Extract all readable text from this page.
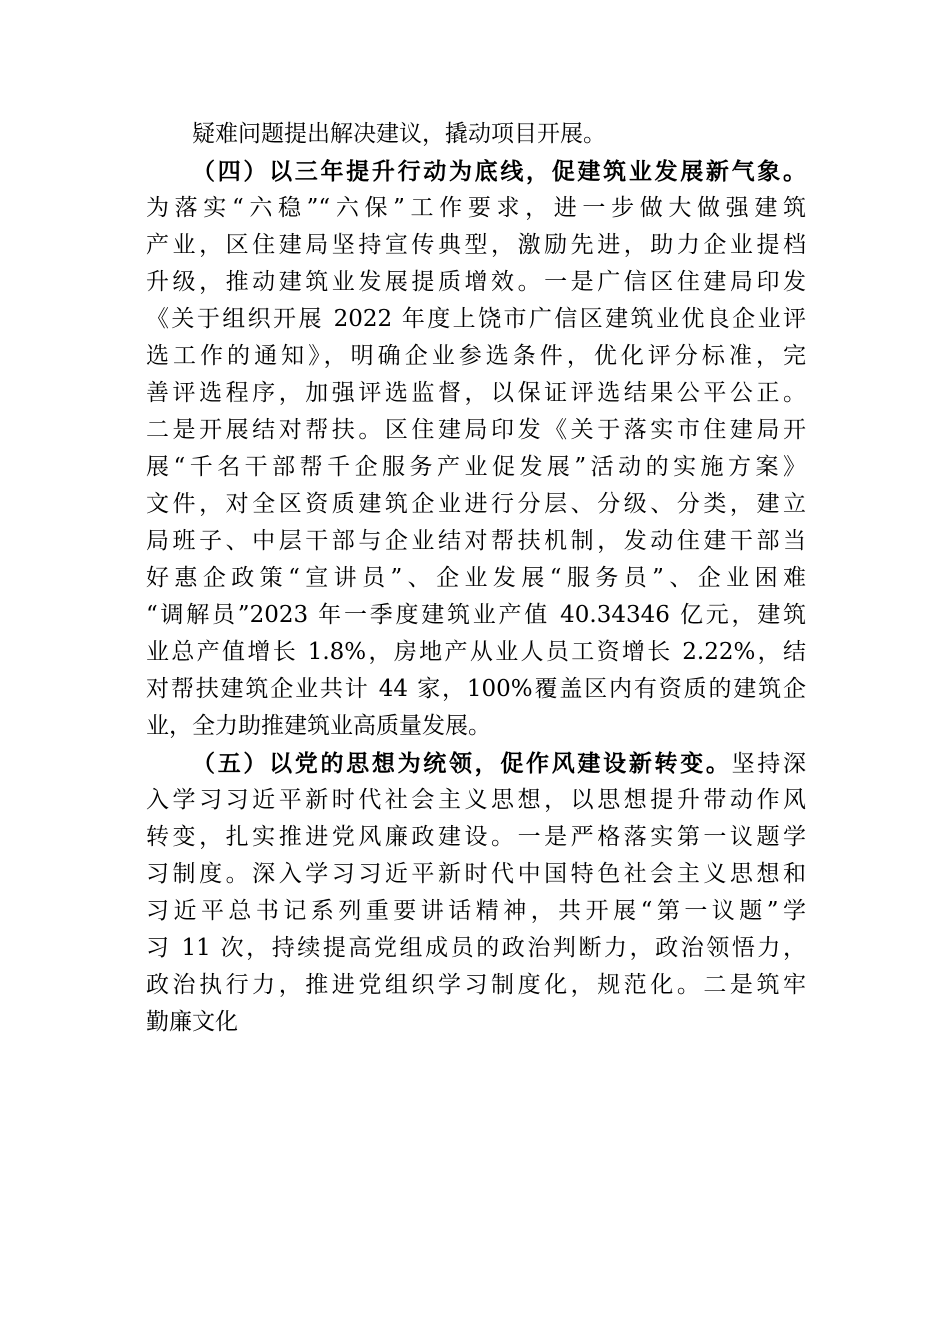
疑难问题提出解决建议，撬动项目开展。
（四）以三年提升行动为底线，促建筑业发展新气象。
为落实“六稳”“六保”工作要求，进一步做大做强建筑
产业，区住建局坚持宣传典型，激励先进，助力企业提档
升级，推动建筑业发展提质增效。一是广信区住建局印发
《关于组织开展 2022 年度上饶市广信区建筑业优良企业评
选工作的通知》，明确企业参选条件，优化评分标准，完
善评选程序，加强评选监督，以保证评选结果公平公正。
二是开展结对帮扶。区住建局印发《关于落实市住建局开
展“千名干部帮千企服务产业促发展”活动的实施方案》
文件，对全区资质建筑企业进行分层、分级、分类，建立
局班子、中层干部与企业结对帮扶机制，发动住建干部当
好惠企政策“宣讲员”、企业发展“服务员”、企业困难
“调解员”2023 年一季度建筑业产值 40.34346 亿元，建筑
业总产值增长 1.8%，房地产从业人员工资增长 2.22%，结
对帮扶建筑企业共计 44 家，100%覆盖区内有资质的建筑企
业，全力助推建筑业高质量发展。
（五）以党的思想为统领，促作风建设新转变。坚持深
入学习习近平新时代社会主义思想，以思想提升带动作风
转变，扎实推进党风廉政建设。一是严格落实第一议题学
习制度。深入学习习近平新时代中国特色社会主义思想和
习近平总书记系列重要讲话精神，共开展“第一议题”学
习 11 次，持续提高党组成员的政治判断力，政治领悟力，
政治执行力，推进党组织学习制度化，规范化。二是筑牢
勤廉文化
